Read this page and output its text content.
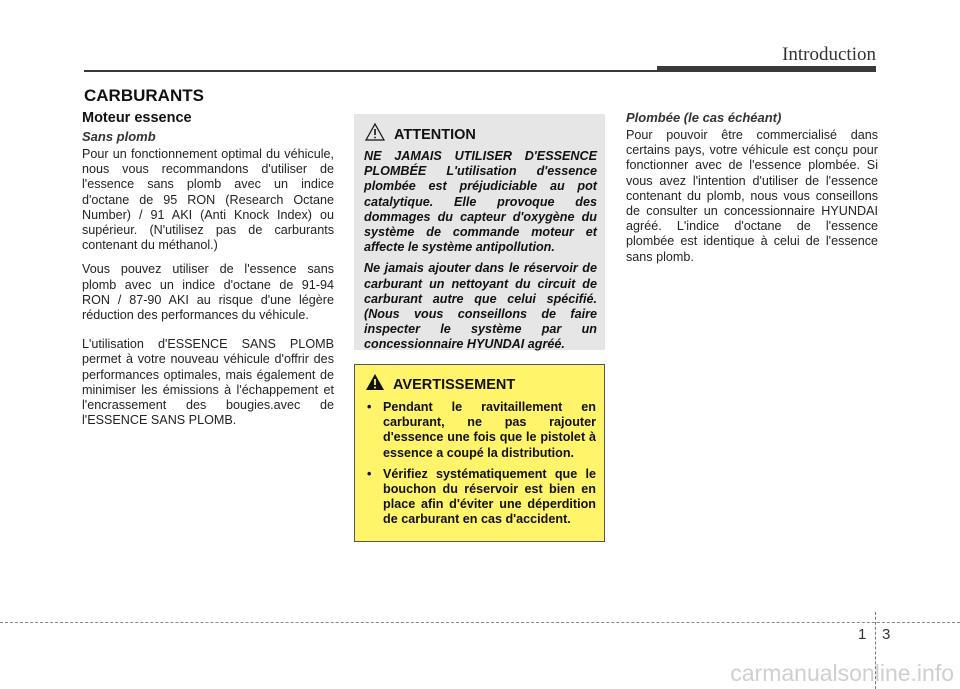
Introduction
CARBURANTS
Moteur essence
Sans plomb

Pour un fonctionnement optimal du véhicule, nous vous recommandons d'utiliser de l'essence sans plomb avec un indice d'octane de 95 RON (Research Octane Number) / 91 AKI (Anti Knock Index) ou supérieur. (N'utilisez pas de carburants contenant du méthanol.)

Vous pouvez utiliser de l'essence sans plomb avec un indice d'octane de 91-94 RON / 87-90 AKI au risque d'une légère réduction des performances du véhicule.

L'utilisation d'ESSENCE SANS PLOMB permet à votre nouveau véhicule d'offrir des performances optimales, mais également de minimiser les émissions à l'échappement et l'encrassement des bougies.avec de l'ESSENCE SANS PLOMB.

ATTENTION

NE JAMAIS UTILISER D'ESSENCE PLOMBÉE L'utilisation d'essence plombée est préjudiciable au pot catalytique. Elle provoque des dommages du capteur d'oxygène du système de commande moteur et affecte le système antipollution.

Ne jamais ajouter dans le réservoir de carburant un nettoyant du circuit de carburant autre que celui spécifié. (Nous vous conseillons de faire inspecter le système par un concessionnaire HYUNDAI agréé.

AVERTISSEMENT
• Pendant le ravitaillement en carburant, ne pas rajouter d'essence une fois que le pistolet à essence a coupé la distribution.
• Vérifiez systématiquement que le bouchon du réservoir est bien en place afin d'éviter une déperdition de carburant en cas d'accident.
Plombée (le cas échéant)

Pour pouvoir être commercialisé dans certains pays, votre véhicule est conçu pour fonctionner avec de l'essence plombée. Si vous avez l'intention d'utiliser de l'essence contenant du plomb, nous vous conseillons de consulter un concessionnaire HYUNDAI agréé. L'indice d'octane de l'essence plombée est identique à celui de l'essence sans plomb.

1 3
carmanualsonline.info
